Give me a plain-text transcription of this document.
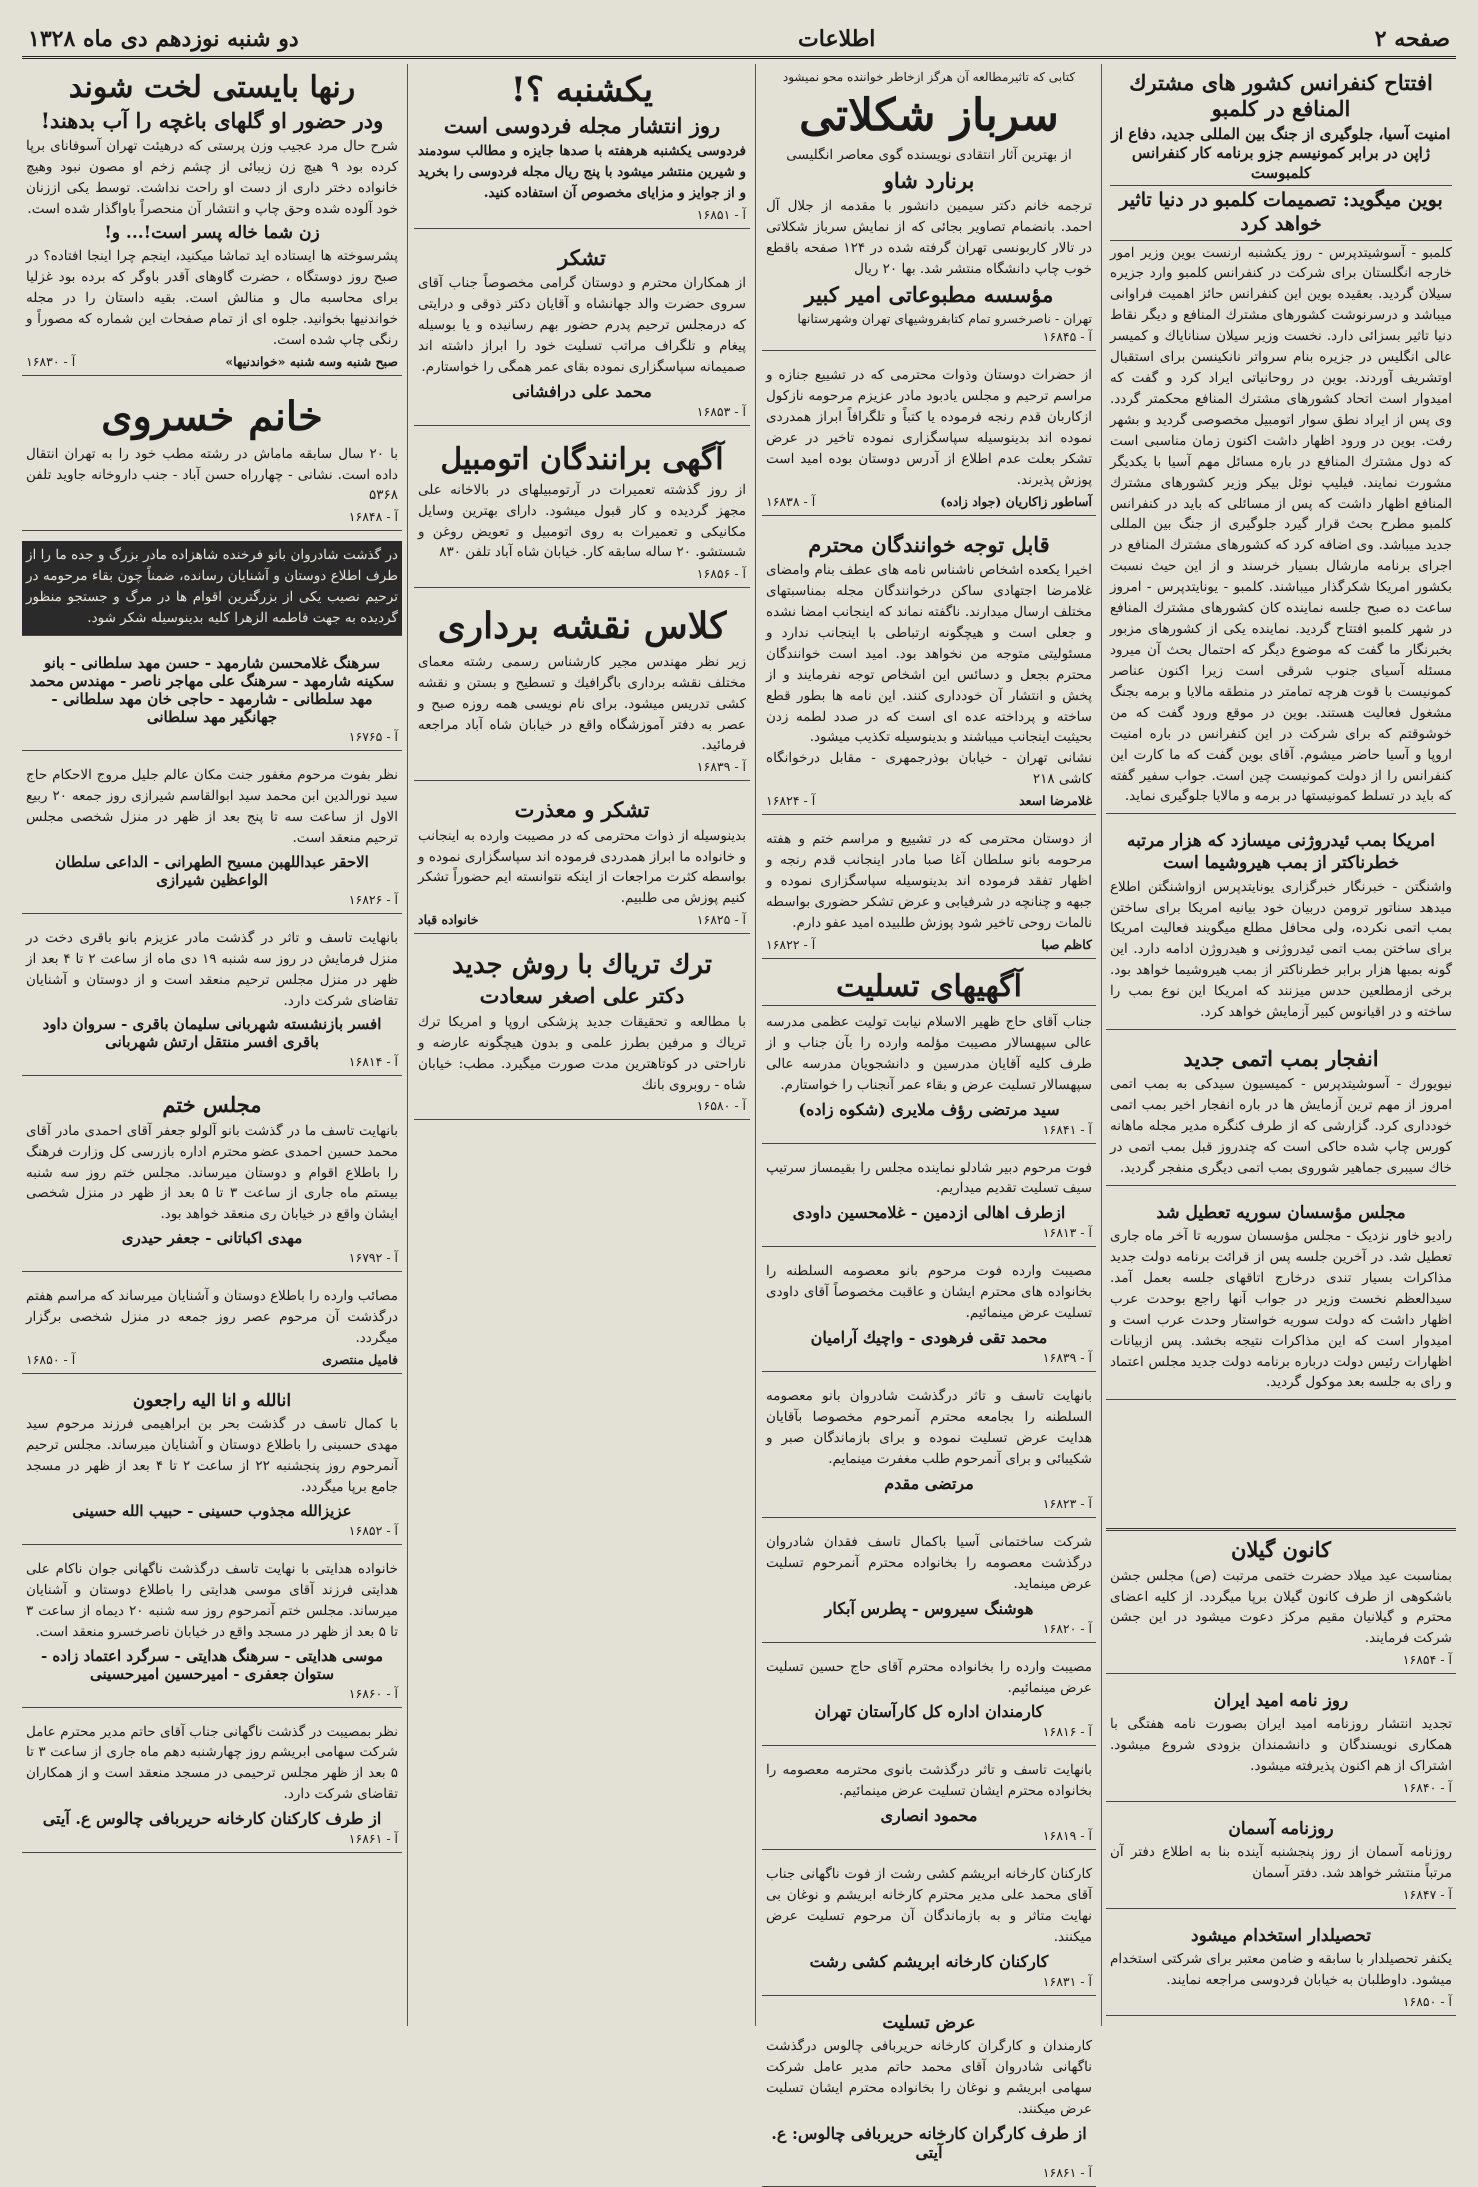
صفحه ۲
اطلاعات
دو شنبه نوزدهم دی ماه ۱۳۲۸
افتتاح کنفرانس کشور های مشترك المنافع در کلمبو
امنیت آسیا، جلوگیری از جنگ بین المللی جدید، دفاع از ژاپن در برابر کمونیسم جزو برنامه کار کنفرانس کلمبوست
بوین میگوید: تصمیمات کلمبو در دنیا تاثیر خواهد کرد
کلمبو - آسوشیتدپرس - روز یکشنبه ارنست بوین وزیر امور خارجه انگلستان برای شرکت در کنفرانس کلمبو وارد جزیره سیلان گردید. بعقیده بوین این کنفرانس حائز اهمیت فراوانی میباشد و درسرنوشت کشورهای مشترك المنافع و دیگر نقاط دنیا تاثیر بسزائی دارد. نخست وزیر سیلان سناناياك و کمیسر عالی انگلیس در جزیره بنام سرواتر نانکینسن برای استقبال اوتشریف آوردند. بوین در روحانیاتی ایراد کرد و گفت که امیدوار است اتحاد کشورهای مشترك المنافع محکمتر گردد. وی پس از ایراد نطق سوار اتومبیل مخصوصی گردید و بشهر رفت. بوین در ورود اظهار داشت اکنون زمان مناسبی است که دول مشترك المنافع در باره مسائل مهم آسیا با یکدیگر مشورت نمایند. فیلیپ نوئل بیکر وزیر کشورهای مشترك المنافع اظهار داشت که پس از مسائلی که باید در کنفرانس کلمبو مطرح بحث قرار گیرد جلوگیری از جنگ بین المللی جدید میباشد. وی اضافه کرد که کشورهای مشترك المنافع در اجرای برنامه مارشال بسیار خرسند و از این حیث نسبت بکشور امریکا شکرگذار میباشند. کلمبو - یونایتدپرس - امروز ساعت ده صبح جلسه نماینده کان کشورهای مشترك المنافع در شهر کلمبو افتتاح گردید. نماینده یکی از کشورهای مزبور بخبرنگار ما گفت که موضوع دیگر که احتمال بحث آن میرود مسئله آسیای جنوب شرقی است زیرا اکنون عناصر کمونیست با قوت هرچه تمامتر در منطقه مالایا و برمه بجنگ مشغول فعالیت هستند. بوین در موقع ورود گفت که من خوشوقتم که برای شرکت در این کنفرانس در باره امنیت اروپا و آسیا حاضر میشوم. آقای بوین گفت که ما کارت این کنفرانس را از دولت کمونیست چین است. جواب سفیر گفته که باید در تسلط کمونیستها در برمه و مالایا جلوگیری نماید.
امریکا بمب ئیدروژنی میسازد که هزار مرتبه خطرناکتر از بمب هیروشیما است
واشنگتن - خبرنگار خبرگزاری یونایتدپرس ازواشنگتن اطلاع میدهد سناتور ترومن دربیان خود بیانیه امریکا برای ساختن بمب اتمی نکرده، ولی محافل مطلع میگویند فعالیت امریکا برای ساختن بمب اتمی ئیدروژنی و هیدروژن ادامه دارد. این گونه بمبها هزار برابر خطرناکتر از بمب هیروشیما خواهد بود. برخی ازمطلعین حدس میزنند که امریکا این نوع بمب را ساخته و در اقیانوس کبیر آزمایش خواهد کرد.
انفجار بمب اتمی جدید
نیویورك - آسوشیتدپرس - کمیسیون سیدکی به بمب اتمی امروز از مهم ترین آزمایش ها در باره انفجار اخیر بمب اتمی خودداری کرد. گزارشی که از طرف کنگره مدیر مجله ماهانه کورس چاپ شده حاکی است که چندروز قبل بمب اتمی در خاك سیبری جماهیر شوروی بمب اتمی دیگری منفجر گردید.
مجلس مؤسسان سوریه تعطیل شد
رادیو خاور نزدیک - مجلس مؤسسان سوریه تا آخر ماه جاری تعطیل شد. در آخرین جلسه پس از قرائت برنامه دولت جدید مذاکرات بسیار تندی درخارج اتاقهای جلسه بعمل آمد. سیدالعظم نخست وزیر در جواب آنها راجع بوحدت عرب اظهار داشت که دولت سوریه خواستار وحدت عرب است و امیدوار است که این مذاکرات نتیجه بخشد. پس ازبیانات اظهارات رئیس دولت درباره برنامه دولت جدید مجلس اعتماد و رای به جلسه بعد موکول گردید.
کتابی که تاثیرمطالعه آن هرگز ازخاطر خواننده محو نمیشود
سرباز شکلاتی
از بهترین آثار انتقادی نویسنده گوی معاصر انگلیسی
برنارد شاو
ترجمه خانم دکتر سیمین دانشور با مقدمه از جلال آل احمد. بانضمام تصاویر بجائی که از نمایش سرباز شکلاتی در تالار کاربونسی تهران گرفته شده در ۱۲۴ صفحه باقطع خوب چاپ دانشگاه منتشر شد. بها ۲۰ ریال
مؤسسه مطبوعاتی امیر کبیر
تهران - ناصرخسرو تمام کتابفروشیهای تهران وشهرستانها
آ - ۱۶۸۴۵
از حضرات دوستان وذوات محترمی که در تشییع جنازه و مراسم ترحیم و مجلس یادبود مادر عزیزم مرحومه نازکول ازکاربان قدم رنجه فرموده یا کتباً و تلگرافاً ابراز همدردی نموده اند بدینوسیله سپاسگزاری نموده تاخیر در عرض تشکر بعلت عدم اطلاع از آدرس دوستان بوده امید است پوزش پذیرند.
آساطور زاکاریان (جواد زاده)
آ - ۱۶۸۳۸
قابل توجه خوانندگان محترم
اخیرا یکعده اشخاص ناشناس نامه های عطف بنام وامضای غلامرضا اجتهادی ساکن درخوانندگان مجله بمناسبتهای مختلف ارسال میدارند. ناگفته نماند که اینجانب امضا نشده و جعلی است و هیچگونه ارتباطی با اینجانب ندارد و مسئولیتی متوجه من نخواهد بود. امید است خوانندگان محترم بجعل و دسائس این اشخاص توجه نفرمایند و از پخش و انتشار آن خودداری کنند. این نامه ها بطور قطع ساخته و پرداخته عده ای است که در صدد لطمه زدن بحیثیت اینجانب میباشند و بدینوسیله تکذیب میشود.
نشانی تهران - خیابان بوذرجمهری - مقابل درخوانگاه کاشی ۲۱۸
غلامرضا اسعد
آ - ۱۶۸۲۴
از دوستان محترمی که در تشییع و مراسم ختم و هفته مرحومه بانو سلطان آغا صبا مادر اینجانب قدم رنجه و اظهار تفقد فرموده اند بدینوسیله سپاسگزاری نموده و جبهه و چنانچه در شرفیابی و عرض تشکر حضوری بواسطه نالمات روحی تاخیر شود پوزش طلبیده امید عفو دارم.
کاظم صبا
آ - ۱۶۸۲۲
آگهیهای تسلیت
جناب آقای حاج ظهیر الاسلام نیابت تولیت عظمی مدرسه عالی سپهسالار مصیبت مؤلمه وارده را بآن جناب و از طرف کلیه آقایان مدرسین و دانشجویان مدرسه عالی سپهسالار تسلیت عرض و بقاء عمر آنجناب را خواستارم.
سید مرتضی رؤف ملایری (شکوه زاده)
آ - ۱۶۸۴۱
فوت مرحوم دبیر شادلو نماینده مجلس را بقیمساز سرتیپ سیف تسلیت تقدیم میداریم.
ازطرف اهالی ازدمین - غلامحسین داودی
آ - ۱۶۸۱۳
مصیبت وارده فوت مرحوم بانو معصومه السلطنه را بخانواده های محترم ایشان و عاقبت مخصوصاً آقای داودی تسلیت عرض مینمائیم.
محمد تقی فرهودی - واچیك آرامیان
آ - ۱۶۸۳۹
بانهایت تاسف و تاثر درگذشت شادروان بانو معصومه السلطنه را بجامعه محترم آنمرحوم مخصوصا بآقایان هدایت عرض تسلیت نموده و برای بازماندگان صبر و شکیبائی و برای آنمرحوم طلب مغفرت مینمایم.
مرتضی مقدم
آ - ۱۶۸۲۳
شرکت ساختمانی آسیا باکمال تاسف فقدان شادروان درگذشت معصومه را بخانواده محترم آنمرحوم تسلیت عرض مینماید.
هوشنگ سیروس - پطرس آبکار
آ - ۱۶۸۲۰
مصیبت وارده را بخانواده محترم آقای حاج حسین تسلیت عرض مینمائیم.
کارمندان اداره کل کارآستان تهران
آ - ۱۶۸۱۶
بانهایت تاسف و تاثر درگذشت بانوی محترمه معصومه را بخانواده محترم ایشان تسلیت عرض مینمائیم.
محمود انصاری
آ - ۱۶۸۱۹
کارکنان کارخانه ابریشم کشی رشت از فوت ناگهانی جناب آقای محمد علی مدیر محترم کارخانه ابریشم و نوغان بی نهایت متاثر و به بازماندگان آن مرحوم تسلیت عرض میکنند.
کارکنان کارخانه ابریشم کشی رشت
آ - ۱۶۸۳۱
عرض تسلیت
کارمندان و کارگران کارخانه حریربافی چالوس درگذشت ناگهانی شادروان آقای محمد حاتم مدیر عامل شرکت سهامی ابریشم و نوغان را بخانواده محترم ایشان تسلیت عرض میکنند.
از طرف کارگران کارخانه حریربافی چالوس: ع. آیتی
آ - ۱۶۸۶۱
یکشنبه ؟!
روز انتشار مجله فردوسی است
فردوسی یکشنبه هرهفته با صدها جایزه و مطالب سودمند و شیرین منتشر میشود با پنج ریال مجله فردوسی را بخرید و از جوایز و مزایای مخصوص آن استفاده کنید.
آ - ۱۶۸۵۱
تشکر
از همکاران محترم و دوستان گرامی مخصوصاً جناب آقای سروی حضرت والد جهانشاه و آقایان دکتر ذوقی و درایتی که درمجلس ترحیم پدرم حضور بهم رسانیده و یا بوسیله پیغام و تلگراف مراتب تسلیت خود را ابراز داشته اند صمیمانه سپاسگزاری نموده بقای عمر همگی را خواستارم.
محمد علی درافشانی
آ - ۱۶۸۵۳
آگهی برانندگان اتومبیل
از روز گذشته تعمیرات در آرتومبیلهای در بالاخانه علی مجهز گردیده و کار قبول میشود. دارای بهترین وسایل مکانیکی و تعمیرات به روی اتومبیل و تعویض روغن و شستشو. ۲۰ ساله سابقه کار. خیابان شاه آباد تلفن ۸۳۰
آ - ۱۶۸۵۶
کلاس نقشه برداری
زیر نظر مهندس مجیر کارشناس رسمی رشته معمای مختلف نقشه برداری باگرافیك و تسطیح و بستن و نقشه کشی تدریس میشود. برای نام نویسی همه روزه صبح و عصر به دفتر آموزشگاه واقع در خیابان شاه آباد مراجعه فرمائید.
آ - ۱۶۸۳۹
تشکر و معذرت
بدینوسیله از ذوات محترمی که در مصیبت وارده به اینجانب و خانواده ما ابراز همدردی فرموده اند سپاسگزاری نموده و بواسطه کثرت مراجعات از اینکه نتوانسته ایم حضوراً تشکر کنیم پوزش می طلبیم.
آ - ۱۶۸۲۵
خانواده قباد
ترك تریاك با روش جدید
دکتر علی اصغر سعادت
با مطالعه و تحقیقات جدید پزشکی اروپا و امریکا ترك تریاك و مرفین بطرز علمی و بدون هیچگونه عارضه و ناراحتی در کوتاهترین مدت صورت میگیرد. مطب: خیابان شاه - روبروی بانك
آ - ۱۶۵۸۰
رنها بایستی لخت شوند
ودر حضور او گلهای باغچه را آب بدهند!
شرح حال مرد عجیب وزن پرستی که درهیئت تهران آسوفانای برپا کرده بود ۹ هیچ زن زیبائی از چشم زخم او مصون نبود وهیچ خانواده دختر داری از دست او راحت نداشت. توسط یکی اززنان خود آلوده شده وحق چاپ و انتشار آن منحصراً باواگذار شده است.
زن شما خاله پسر است!... و!
پشرسوخته ها ایستاده اید تماشا میکنید، اینجم چرا اینجا افتاده؟ در صبح روز دوستگاه ، حضرت گاوهای آقدر باوگر که برده بود غزلیا برای محاسبه مال و منالش است. بقیه داستان را در مجله خواندنیها بخوانید. جلوه ای از تمام صفحات این شماره که مصوراً و رنگی چاپ شده است.
صبح شنبه وسه شنبه «خواندنیها»
آ - ۱۶۸۳۰
خانم خسروی
با ۲۰ سال سابقه ماماش در رشته مطب خود را به تهران انتقال داده است. نشانی - چهارراه حسن آباد - جنب داروخانه جاوید تلفن ۵۳۶۸
آ - ۱۶۸۴۸
در گذشت شادروان بانو فرخنده شاهزاده مادر بزرگ و جده ما را از طرف اطلاع دوستان و آشنایان رسانده، ضمناً چون بقاء مرحومه در ترحیم نصیب یکی از بزرگترین اقوام ها در مرگ و جستجو منظور گردیده به جهت فاطمه الزهرا کلیه بدینوسیله شکر شود.
سرهنگ غلامحسن شارمهد - حسن مهد سلطانی - بانو سکینه شارمهد - سرهنگ علی مهاجر ناصر - مهندس محمد مهد سلطانی - شارمهد - حاجی خان مهد سلطانی - جهانگیر مهد سلطانی
آ - ۱۶۷۶۵
نظر بفوت مرحوم مغفور جنت مکان عالم جلیل مروج الاحکام حاج سید نورالدین ابن محمد سید ابوالقاسم شیرازی روز جمعه ۲۰ ربیع الاول از ساعت سه تا پنج بعد از ظهر در منزل شخصی مجلس ترحیم منعقد است.
الاحقر عبداللهبن مسیح الطهرانی - الداعی سلطان الواعظین شیرازی
آ - ۱۶۸۲۶
بانهایت تاسف و تاثر در گذشت مادر عزیزم بانو باقری دخت در منزل فرمایش در روز سه شنبه ۱۹ دی ماه از ساعت ۲ تا ۴ بعد از ظهر در منزل مجلس ترحیم منعقد است و از دوستان و آشنایان تقاضای شرکت دارد.
افسر بازنشسته شهربانی سلیمان باقری - سروان داود باقری افسر منتقل ارتش شهربانی
آ - ۱۶۸۱۴
مجلس ختم
بانهایت تاسف ما در گذشت بانو آلولو جعفر آقای احمدی مادر آقای محمد حسین احمدی عضو محترم اداره بازرسی کل وزارت فرهنگ را باطلاع اقوام و دوستان میرساند. مجلس ختم روز سه شنبه بیستم ماه جاری از ساعت ۳ تا ۵ بعد از ظهر در منزل شخصی ایشان واقع در خیابان ری منعقد خواهد بود.
مهدی اکباتانی - جعفر حیدری
آ - ۱۶۷۹۲
مصائب وارده را باطلاع دوستان و آشنایان میرساند که مراسم هفتم درگذشت آن مرحوم عصر روز جمعه در منزل شخصی برگزار میگردد.
فامیل منتصری
آ - ۱۶۸۵۰
انالله و انا الیه راجعون
با کمال تاسف در گذشت بحر بن ابراهیمی فرزند مرحوم سید مهدی حسینی را باطلاع دوستان و آشنایان میرساند. مجلس ترحیم آنمرحوم روز پنجشنبه ۲۲ از ساعت ۲ تا ۴ بعد از ظهر در مسجد جامع برپا میگردد.
عزیزالله مجذوب حسینی - حبیب الله حسینی
آ - ۱۶۸۵۲
خانواده هدایتی با نهایت تاسف درگذشت ناگهانی جوان ناکام علی هدایتی فرزند آقای موسی هدایتی را باطلاع دوستان و آشنایان میرساند. مجلس ختم آنمرحوم روز سه شنبه ۲۰ دیماه از ساعت ۳ تا ۵ بعد از ظهر در مسجد واقع در خیابان ناصرخسرو منعقد است.
موسی هدایتی - سرهنگ هدایتی - سرگرد اعتماد زاده - ستوان جعفری - امیرحسین امیرحسینی
آ - ۱۶۸۶۰
نظر بمصیبت در گذشت ناگهانی جناب آقای حاتم مدیر محترم عامل شرکت سهامی ابریشم روز چهارشنبه دهم ماه جاری از ساعت ۳ تا ۵ بعد از ظهر مجلس ترحیمی در مسجد منعقد است و از همکاران تقاضای شرکت دارد.
از طرف کارکنان کارخانه حریربافی چالوس ع. آیتی
آ - ۱۶۸۶۱
کانون گیلان
بمناسبت عید میلاد حضرت ختمی مرتبت (ص) مجلس جشن باشکوهی از طرف کانون گیلان برپا میگردد. از کلیه اعضای محترم و گیلانیان مقیم مرکز دعوت میشود در این جشن شرکت فرمایند.
آ - ۱۶۸۵۴
روز نامه امید ایران
تجدید انتشار روزنامه امید ایران بصورت نامه هفتگی با همکاری نویسندگان و دانشمندان بزودی شروع میشود. اشتراک از هم اکنون پذیرفته میشود.
آ - ۱۶۸۴۰
روزنامه آسمان
روزنامه آسمان از روز پنجشنبه آینده بنا به اطلاع دفتر آن مرتباً منتشر خواهد شد. دفتر آسمان
آ - ۱۶۸۴۷
تحصیلدار استخدام میشود
یکنفر تحصیلدار با سابقه و ضامن معتبر برای شرکتی استخدام میشود. داوطلبان به خیابان فردوسی مراجعه نمایند.
آ - ۱۶۸۵۰
